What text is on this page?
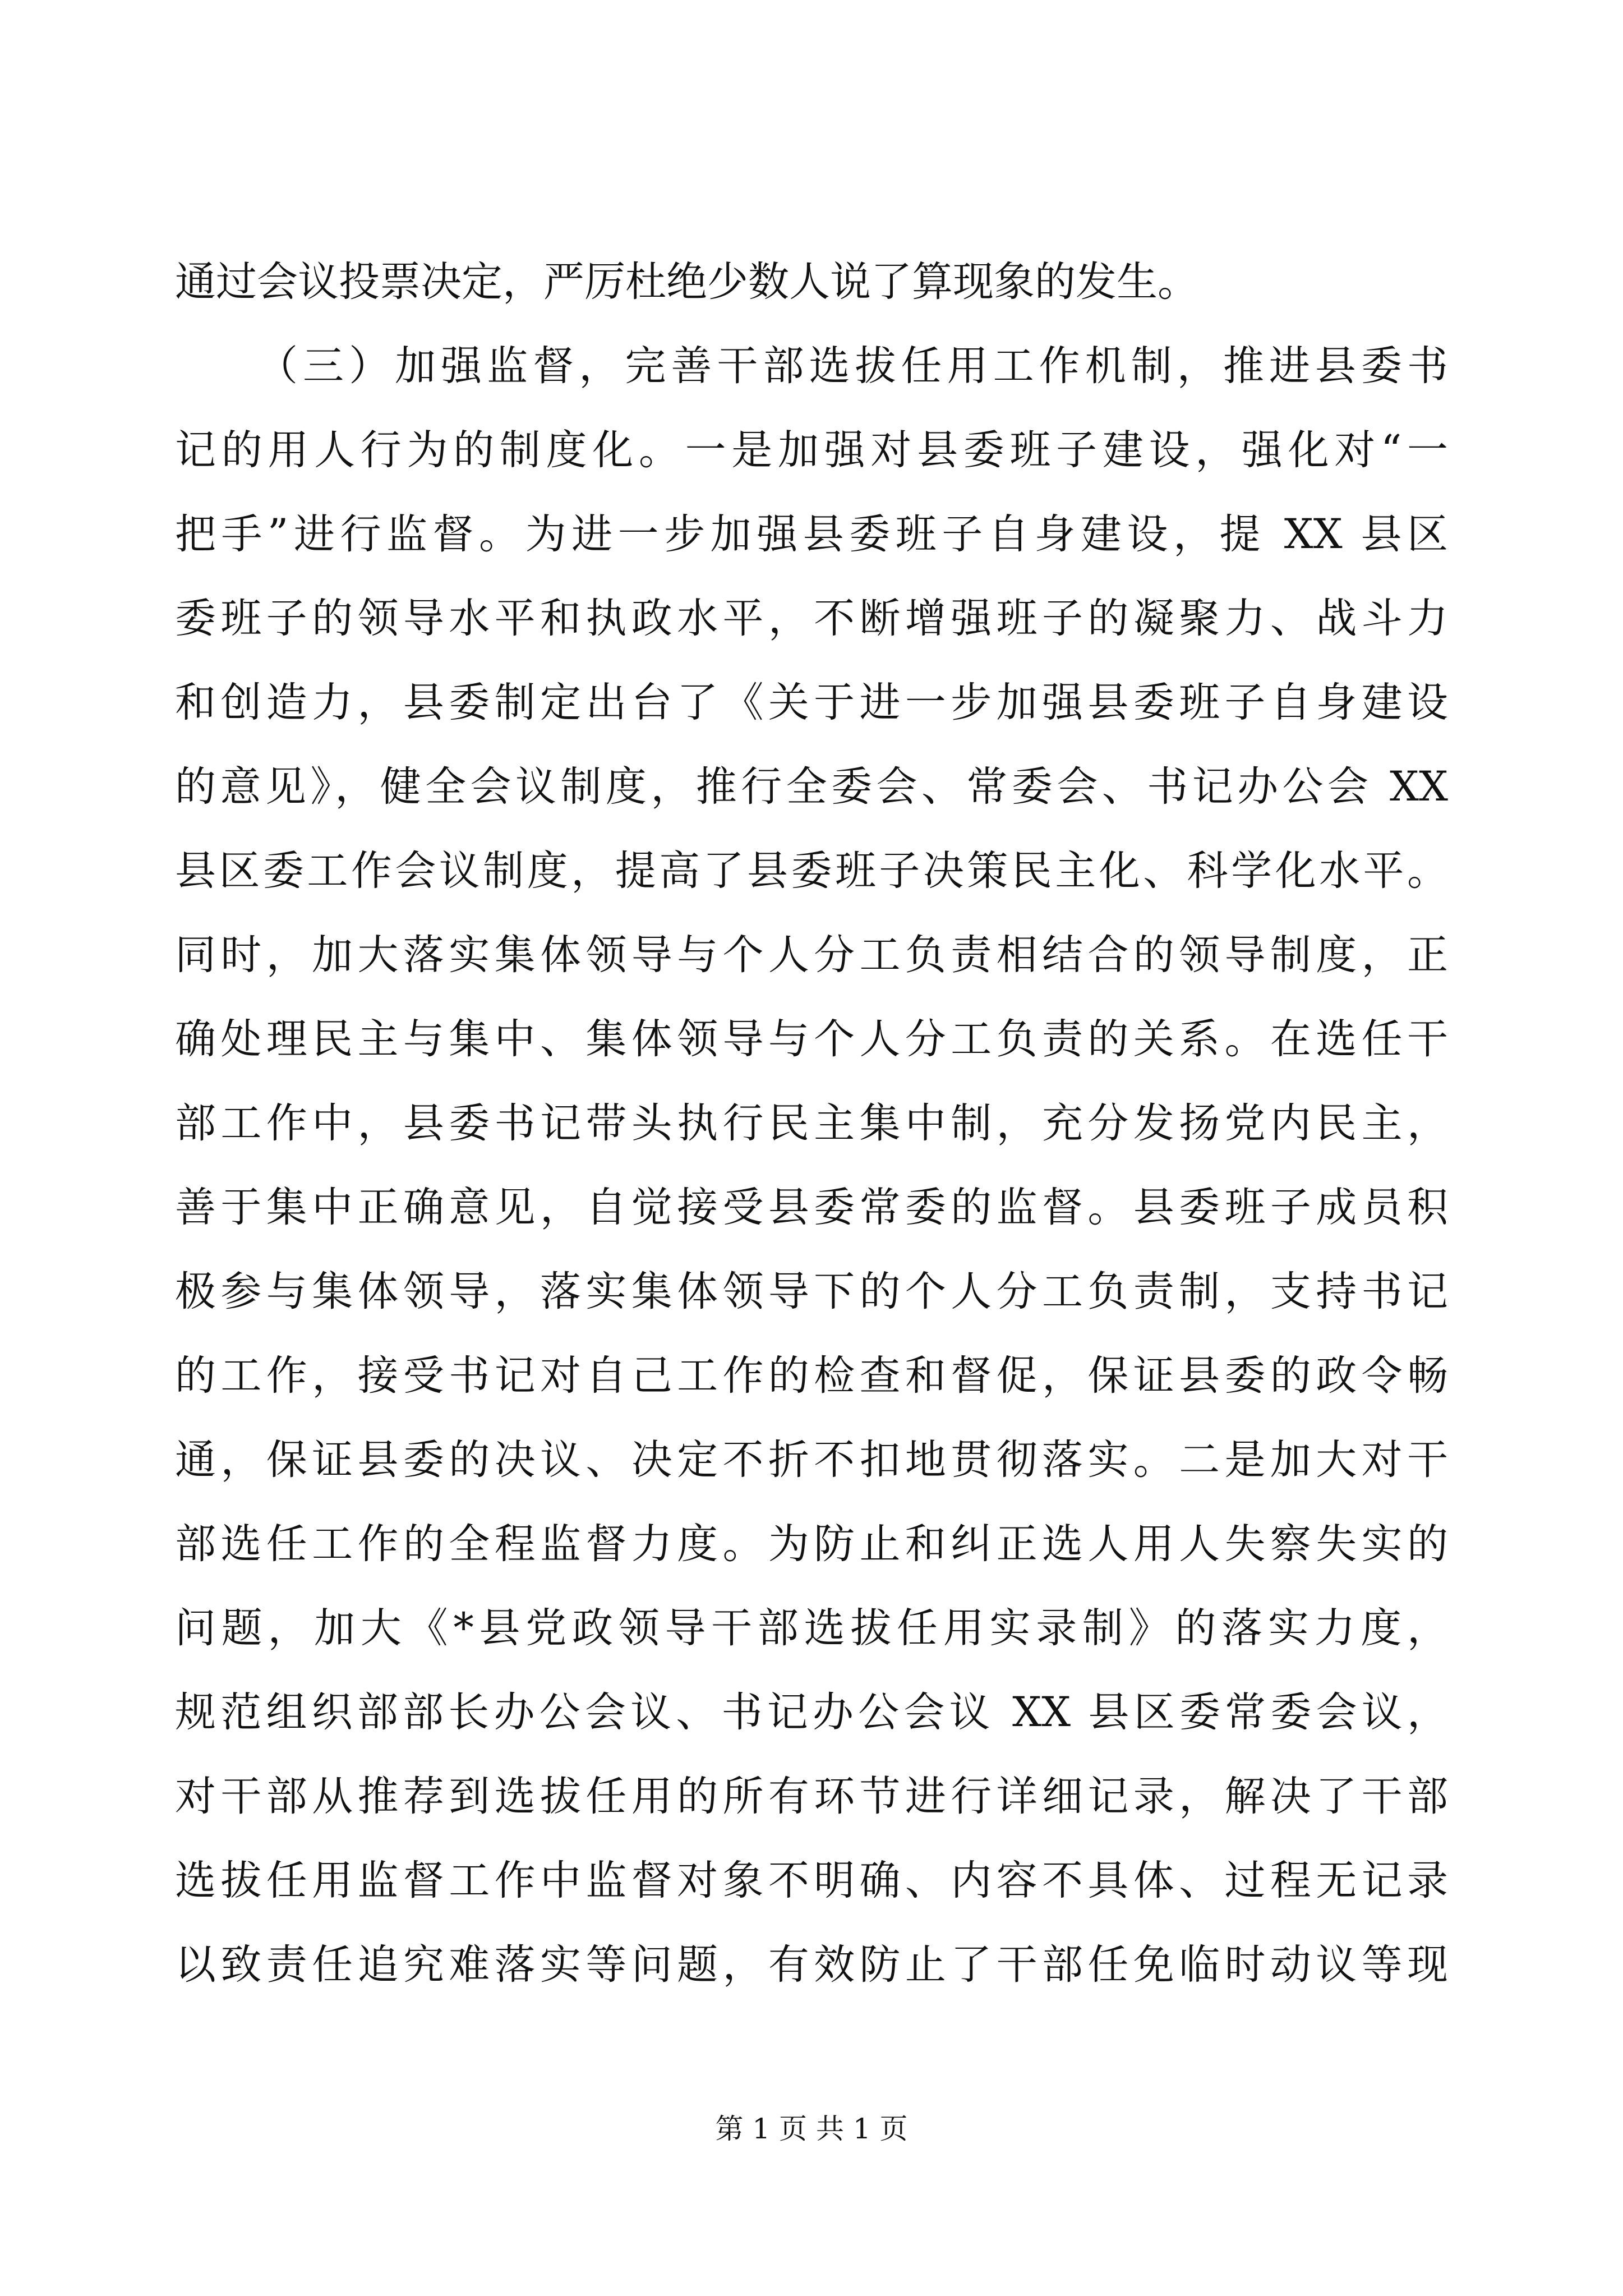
通过会议投票决定，严厉杜绝少数人说了算现象的发生。
（三）加强监督，完善干部选拔任用工作机制，推进县委书
记的用人行为的制度化。一是加强对县委班子建设，强化对“一
把手”进行监督。为进一步加强县委班子自身建设，提 XX 县区
委班子的领导水平和执政水平，不断增强班子的凝聚力、战斗力
和创造力，县委制定出台了《关于进一步加强县委班子自身建设
的意见》，健全会议制度，推行全委会、常委会、书记办公会 XX
县区委工作会议制度，提高了县委班子决策民主化、科学化水平。
同时，加大落实集体领导与个人分工负责相结合的领导制度，正
确处理民主与集中、集体领导与个人分工负责的关系。在选任干
部工作中，县委书记带头执行民主集中制，充分发扬党内民主，
善于集中正确意见，自觉接受县委常委的监督。县委班子成员积
极参与集体领导，落实集体领导下的个人分工负责制，支持书记
的工作，接受书记对自己工作的检查和督促，保证县委的政令畅
通，保证县委的决议、决定不折不扣地贯彻落实。二是加大对干
部选任工作的全程监督力度。为防止和纠正选人用人失察失实的
问题，加大《*县党政领导干部选拔任用实录制》的落实力度，
规范组织部部长办公会议、书记办公会议 XX 县区委常委会议，
对干部从推荐到选拔任用的所有环节进行详细记录，解决了干部
选拔任用监督工作中监督对象不明确、内容不具体、过程无记录
以致责任追究难落实等问题，有效防止了干部任免临时动议等现
第 1 页 共 1 页
